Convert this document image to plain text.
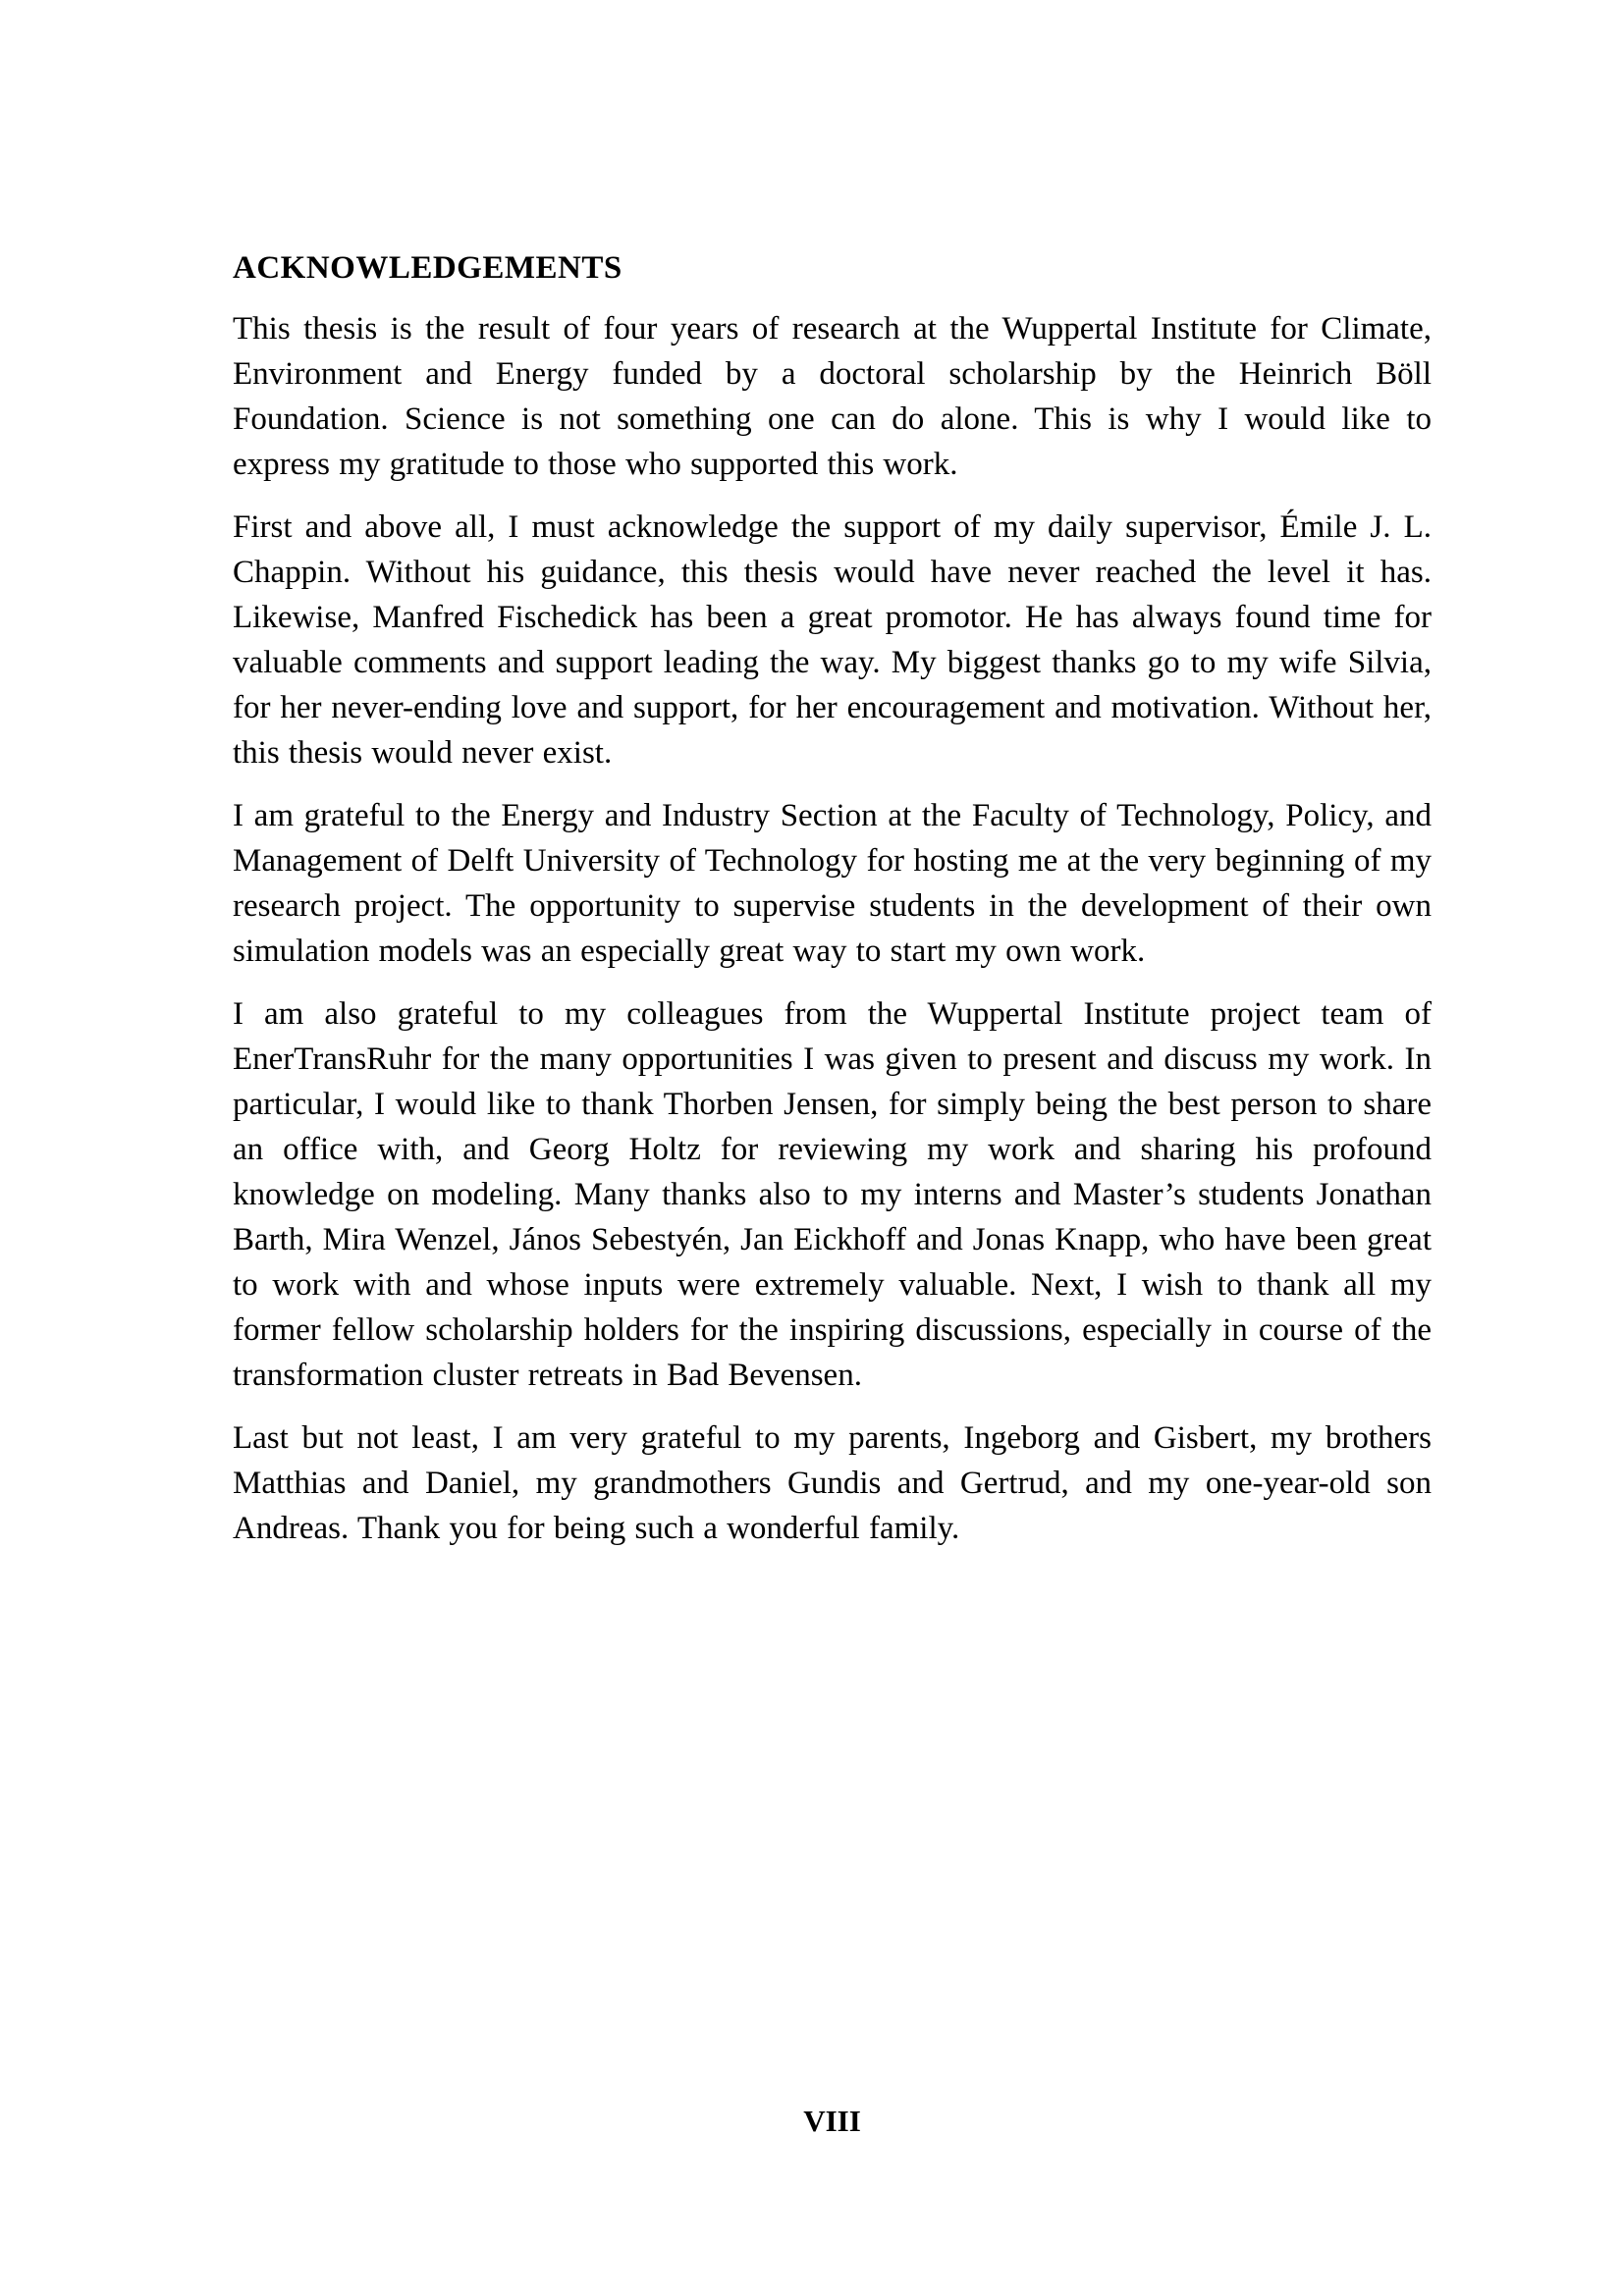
ACKNOWLEDGEMENTS

This thesis is the result of four years of research at the Wuppertal Institute for Climate, Environment and Energy funded by a doctoral scholarship by the Heinrich Böll Foundation. Science is not something one can do alone. This is why I would like to express my gratitude to those who supported this work.

First and above all, I must acknowledge the support of my daily supervisor, Émile J. L. Chappin. Without his guidance, this thesis would have never reached the level it has. Likewise, Manfred Fischedick has been a great promotor. He has always found time for valuable comments and support leading the way. My biggest thanks go to my wife Silvia, for her never-ending love and support, for her encouragement and motivation. Without her, this thesis would never exist.

I am grateful to the Energy and Industry Section at the Faculty of Technology, Policy, and Management of Delft University of Technology for hosting me at the very beginning of my research project. The opportunity to supervise students in the development of their own simulation models was an especially great way to start my own work.

I am also grateful to my colleagues from the Wuppertal Institute project team of EnerTransRuhr for the many opportunities I was given to present and discuss my work. In particular, I would like to thank Thorben Jensen, for simply being the best person to share an office with, and Georg Holtz for reviewing my work and sharing his profound knowledge on modeling. Many thanks also to my interns and Master’s students Jonathan Barth, Mira Wenzel, János Sebestyén, Jan Eickhoff and Jonas Knapp, who have been great to work with and whose inputs were extremely valuable. Next, I wish to thank all my former fellow scholarship holders for the inspiring discussions, especially in course of the transformation cluster retreats in Bad Bevensen.

Last but not least, I am very grateful to my parents, Ingeborg and Gisbert, my brothers Matthias and Daniel, my grandmothers Gundis and Gertrud, and my one-year-old son Andreas. Thank you for being such a wonderful family.

VIII
